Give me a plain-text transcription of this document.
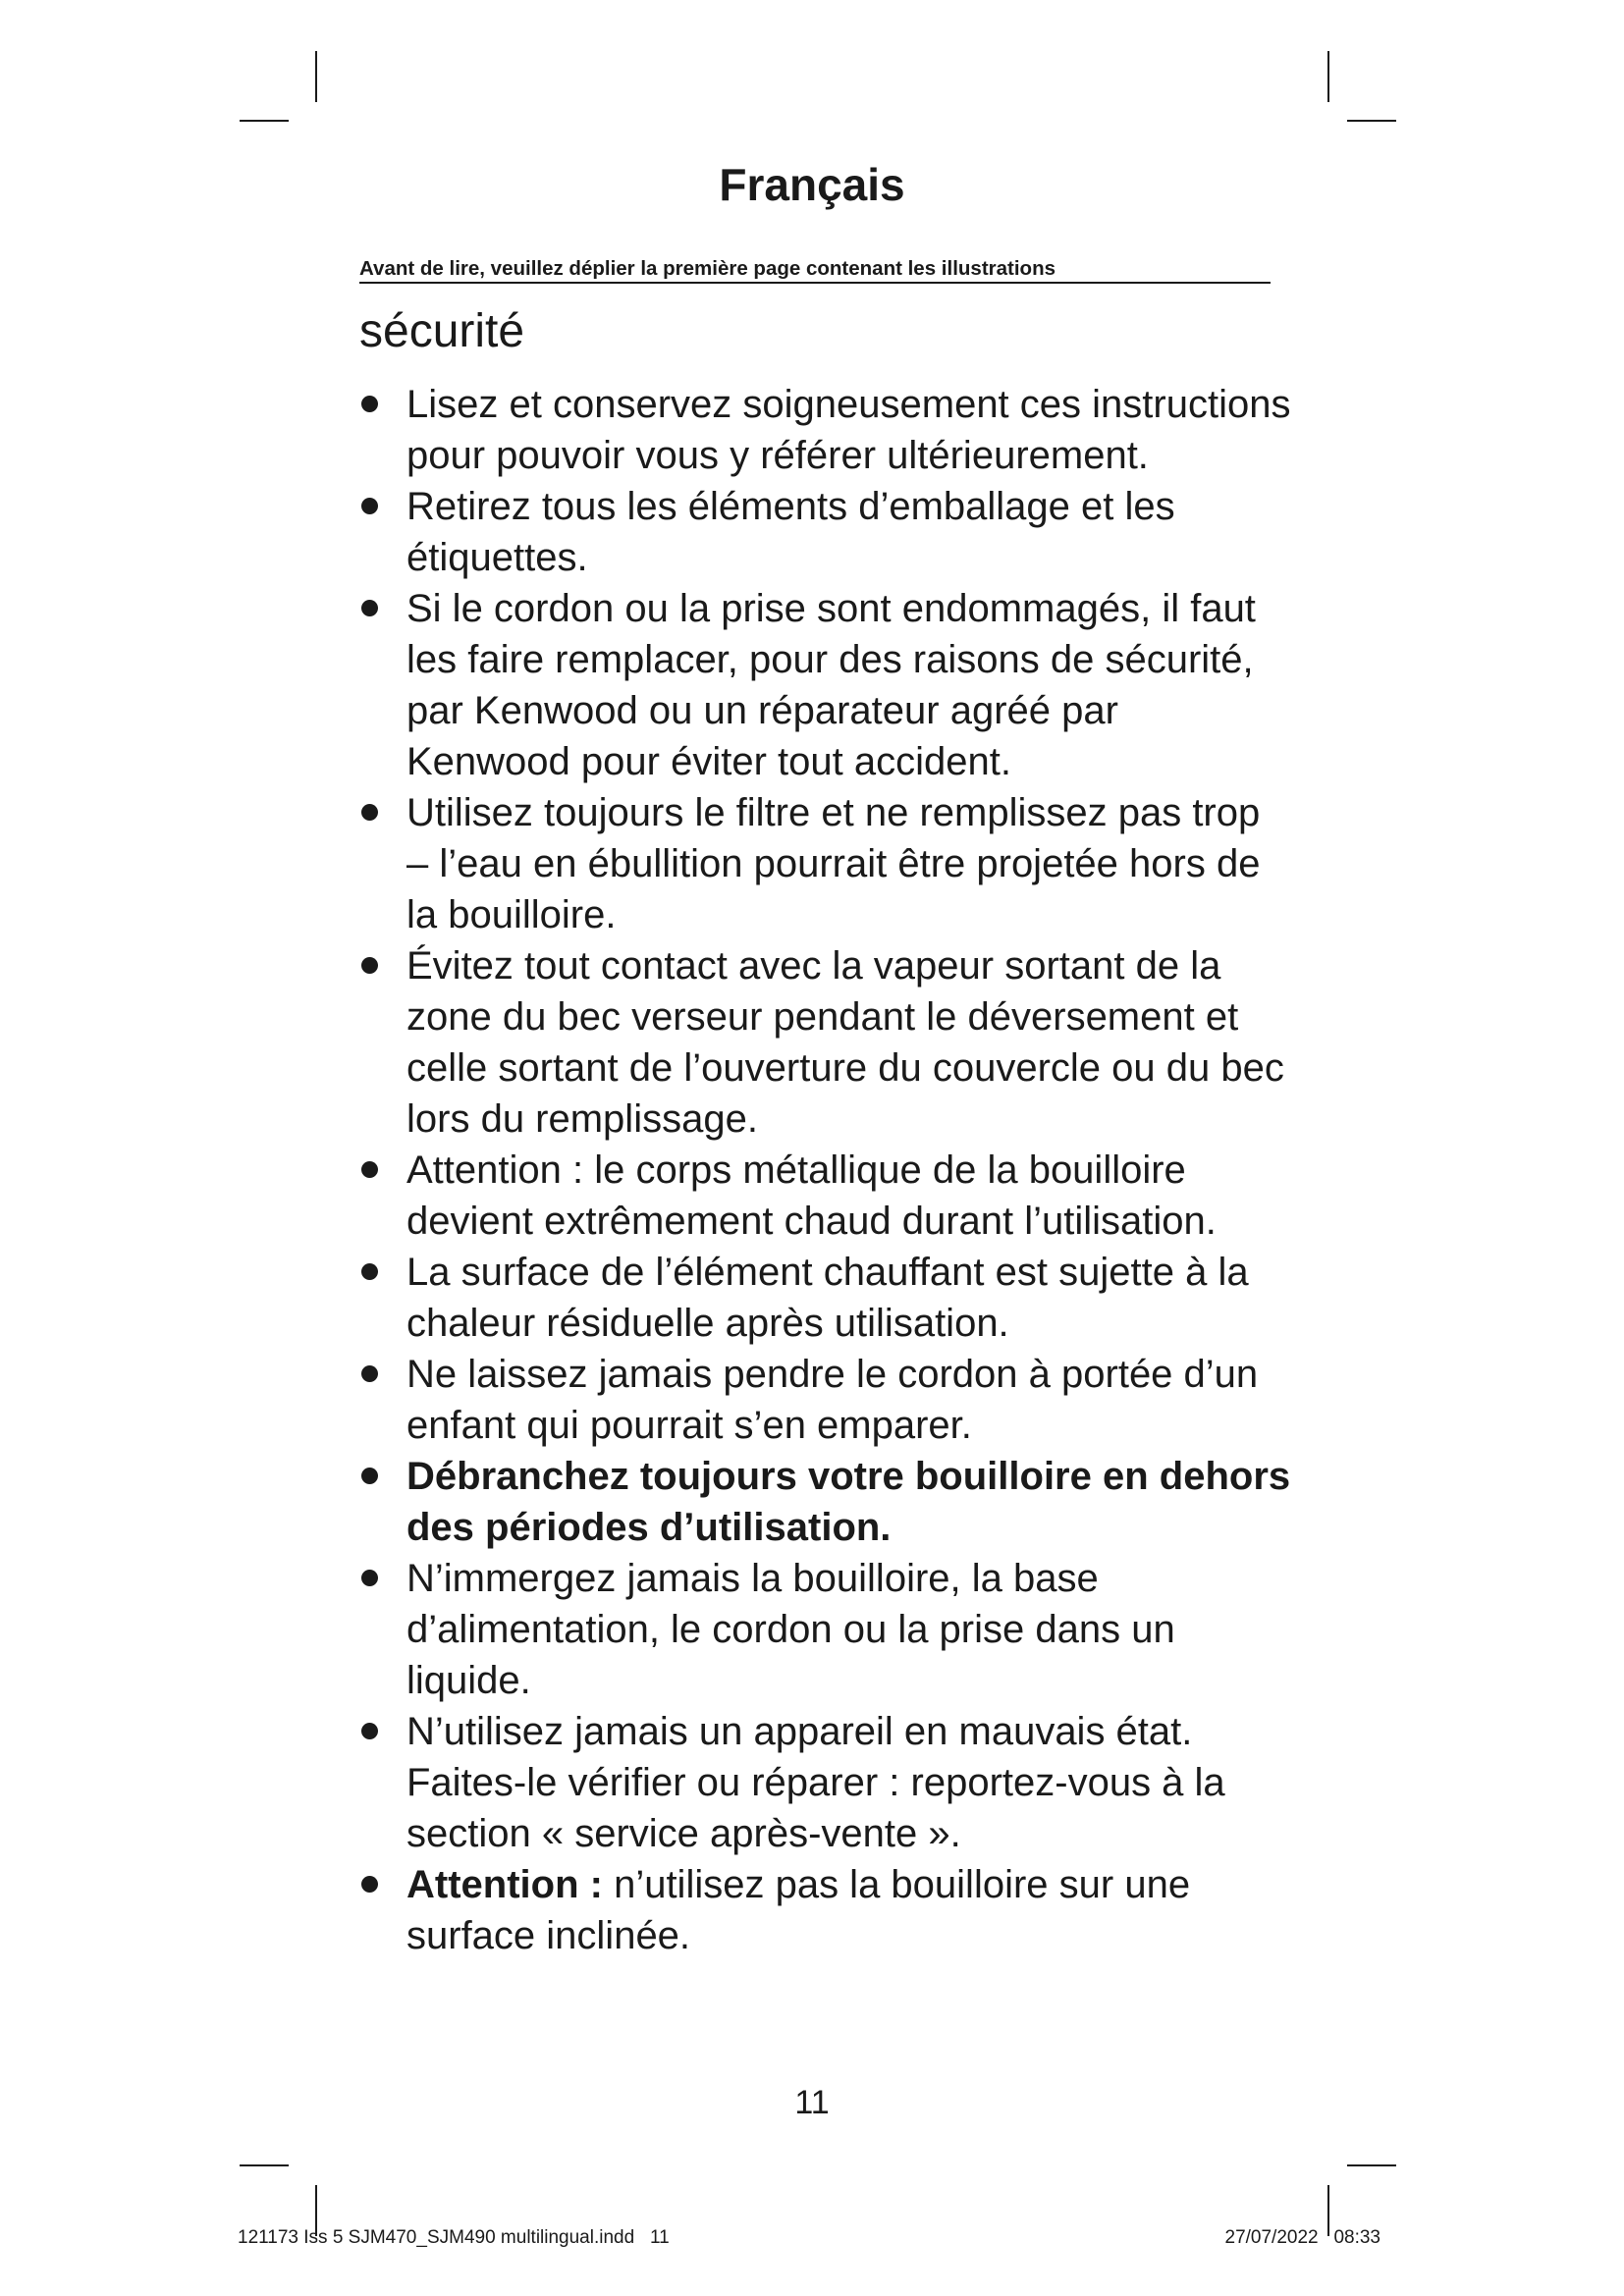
Français
Avant de lire, veuillez déplier la première page contenant les illustrations
sécurité
Lisez et conservez soigneusement ces instructions pour pouvoir vous y référer ultérieurement.
Retirez tous les éléments d’emballage et les étiquettes.
Si le cordon ou la prise sont endommagés, il faut les faire remplacer, pour des raisons de sécurité, par Kenwood ou un réparateur agréé par Kenwood pour éviter tout accident.
Utilisez toujours le filtre et ne remplissez pas trop – l’eau en ébullition pourrait être projetée hors de la bouilloire.
Évitez tout contact avec la vapeur sortant de la zone du bec verseur pendant le déversement et celle sortant de l’ouverture du couvercle ou du bec lors du remplissage.
Attention : le corps métallique de la bouilloire devient extrêmement chaud durant l’utilisation.
La surface de l’élément chauffant est sujette à la chaleur résiduelle après utilisation.
Ne laissez jamais pendre le cordon à portée d’un enfant qui pourrait s’en emparer.
Débranchez toujours votre bouilloire en dehors des périodes d’utilisation.
N’immergez jamais la bouilloire, la base d’alimentation, le cordon ou la prise dans un liquide.
N’utilisez jamais un appareil en mauvais état. Faites-le vérifier ou réparer : reportez-vous à la section « service après-vente ».
Attention : n’utilisez pas la bouilloire sur une surface inclinée.
11
121173 Iss 5 SJM470_SJM490 multilingual.indd   11	27/07/2022   08:33
